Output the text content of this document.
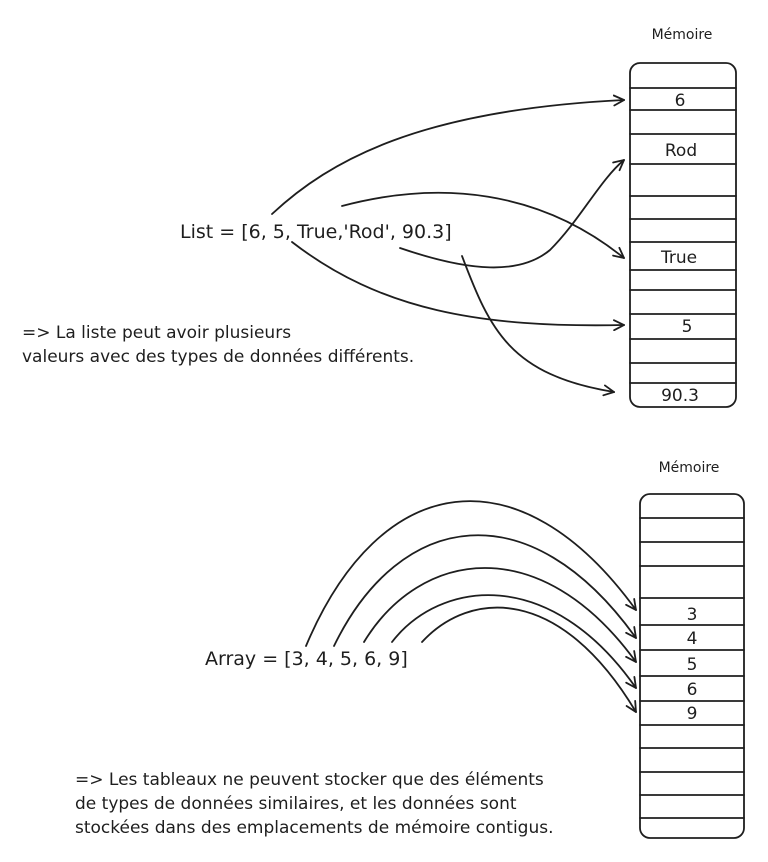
Mémoire
6
Rod
True
5
90.3
List = [6, 5, True,'Rod', 90.3]
=> La liste peut avoir plusieurs
valeurs avec des types de données différents.
Mémoire
3
4
5
6
9
Array = [3, 4, 5, 6, 9]
=> Les tableaux ne peuvent stocker que des éléments
de types de données similaires, et les données sont
stockées dans des emplacements de mémoire contigus.
